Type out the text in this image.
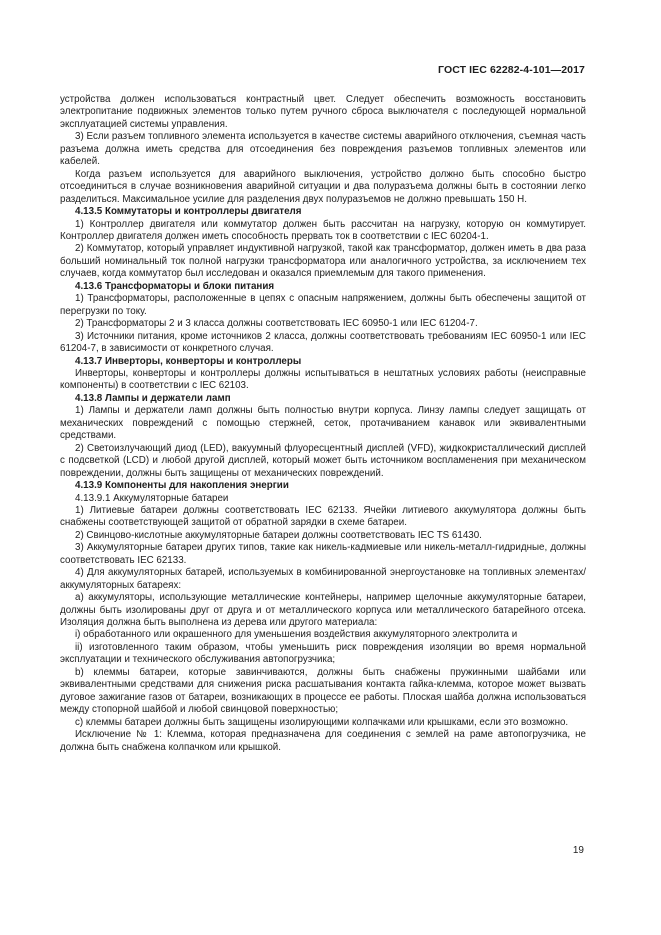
ГОСТ IEC 62282-4-101—2017

устройства должен использоваться контрастный цвет. Следует обеспечить возможность восстановить электропитание подвижных элементов только путем ручного сброса выключателя с последующей нормальной эксплуатацией системы управления.

3) Если разъем топливного элемента используется в качестве системы аварийного отключения, съемная часть разъема должна иметь средства для отсоединения без повреждения разъемов топливных элементов или кабелей.

Когда разъем используется для аварийного выключения, устройство должно быть способно быстро отсоединиться в случае возникновения аварийной ситуации и два полуразъема должны быть в состоянии легко разделиться. Максимальное усилие для разделения двух полуразъемов не должно превышать 150 Н.

4.13.5 Коммутаторы и контроллеры двигателя

1) Контроллер двигателя или коммутатор должен быть рассчитан на нагрузку, которую он коммутирует. Контроллер двигателя должен иметь способность прервать ток в соответствии с IEC 60204-1.

2) Коммутатор, который управляет индуктивной нагрузкой, такой как трансформатор, должен иметь в два раза больший номинальный ток полной нагрузки трансформатора или аналогичного устройства, за исключением тех случаев, когда коммутатор был исследован и оказался приемлемым для такого применения.

4.13.6 Трансформаторы и блоки питания

1) Трансформаторы, расположенные в цепях с опасным напряжением, должны быть обеспечены защитой от перегрузки по току.

2) Трансформаторы 2 и 3 класса должны соответствовать IEC 60950-1 или IEC 61204-7.

3) Источники питания, кроме источников 2 класса, должны соответствовать требованиям IEC 60950-1 или IEC 61204-7, в зависимости от конкретного случая.

4.13.7 Инверторы, конверторы и контроллеры

Инверторы, конверторы и контроллеры должны испытываться в нештатных условиях работы (неисправные компоненты) в соответствии с IEC 62103.

4.13.8 Лампы и держатели ламп

1) Лампы и держатели ламп должны быть полностью внутри корпуса. Линзу лампы следует защищать от механических повреждений с помощью стержней, сеток, протачиванием канавок или эквивалентными средствами.

2) Светоизлучающий диод (LED), вакуумный флуоресцентный дисплей (VFD), жидкокристаллический дисплей с подсветкой (LCD) и любой другой дисплей, который может быть источником воспламенения при механическом повреждении, должны быть защищены от механических повреждений.

4.13.9 Компоненты для накопления энергии

4.13.9.1 Аккумуляторные батареи

1) Литиевые батареи должны соответствовать IEC 62133. Ячейки литиевого аккумулятора должны быть снабжены соответствующей защитой от обратной зарядки в схеме батареи.

2) Свинцово-кислотные аккумуляторные батареи должны соответствовать IEC TS 61430.

3) Аккумуляторные батареи других типов, такие как никель-кадмиевые или никель-металл-гидридные, должны соответствовать IEC 62133.

4) Для аккумуляторных батарей, используемых в комбинированной энергоустановке на топливных элементах/аккумуляторных батареях:

a) аккумуляторы, использующие металлические контейнеры, например щелочные аккумуляторные батареи, должны быть изолированы друг от друга и от металлического корпуса или металлического батарейного отсека. Изоляция должна быть выполнена из дерева или другого материала:

i) обработанного или окрашенного для уменьшения воздействия аккумуляторного электролита и

ii) изготовленного таким образом, чтобы уменьшить риск повреждения изоляции во время нормальной эксплуатации и технического обслуживания автопогрузчика;

b) клеммы батареи, которые завинчиваются, должны быть снабжены пружинными шайбами или эквивалентными средствами для снижения риска расшатывания контакта гайка-клемма, которое может вызвать дуговое зажигание газов от батареи, возникающих в процессе ее работы. Плоская шайба должна использоваться между стопорной шайбой и любой свинцовой поверхностью;

c) клеммы батареи должны быть защищены изолирующими колпачками или крышками, если это возможно.

Исключение № 1: Клемма, которая предназначена для соединения с землей на раме автопогрузчика, не должна быть снабжена колпачком или крышкой.

19
